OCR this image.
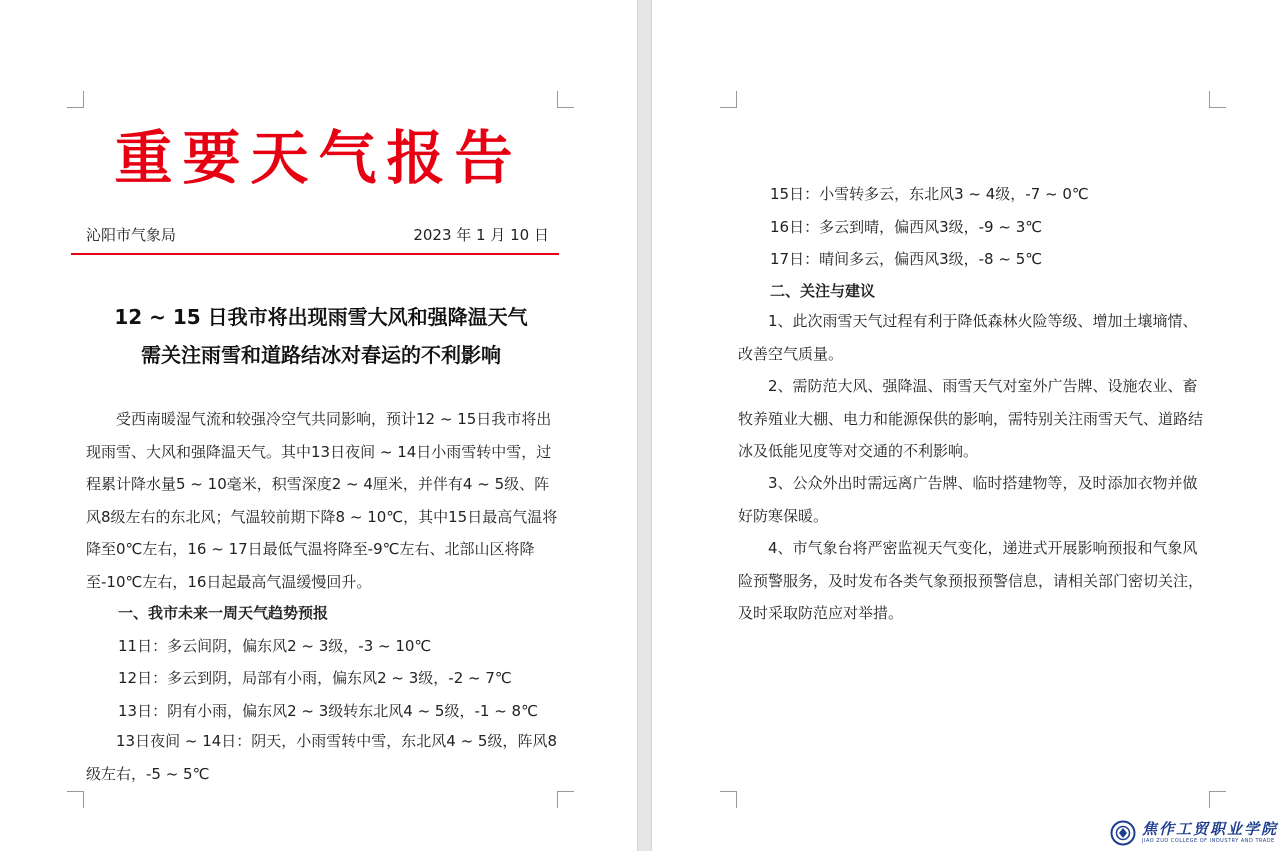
重要天气报告
沁阳市气象局	2023 年 1 月 10 日
12 ~ 15 日我市将出现雨雪大风和强降温天气
需关注雨雪和道路结冰对春运的不利影响

受西南暖湿气流和较强冷空气共同影响，预计12 ~ 15日我市将出现雨雪、大风和强降温天气。其中13日夜间 ~ 14日小雨雪转中雪，过程累计降水量5 ~ 10毫米，积雪深度2 ~ 4厘米，并伴有4 ~ 5级、阵风8级左右的东北风；气温较前期下降8 ~ 10℃，其中15日最高气温将降至0℃左右，16 ~ 17日最低气温将降至-9℃左右、北部山区将降至-10℃左右，16日起最高气温缓慢回升。

一、我市未来一周天气趋势预报
11日：多云间阴，偏东风2 ~ 3级，-3 ~ 10℃
12日：多云到阴，局部有小雨，偏东风2 ~ 3级，-2 ~ 7℃
13日：阴有小雨，偏东风2 ~ 3级转东北风4 ~ 5级，-1 ~ 8℃

13日夜间 ~ 14日：阴天，小雨雪转中雪，东北风4 ~ 5级，阵风8级左右，-5 ~ 5℃

15日：小雪转多云，东北风3 ~ 4级，-7 ~ 0℃
16日：多云到晴，偏西风3级，-9 ~ 3℃
17日：晴间多云，偏西风3级，-8 ~ 5℃
二、关注与建议

1、此次雨雪天气过程有利于降低森林火险等级、增加土壤墒情、改善空气质量。

2、需防范大风、强降温、雨雪天气对室外广告牌、设施农业、畜牧养殖业大棚、电力和能源保供的影响，需特别关注雨雪天气、道路结冰及低能见度等对交通的不利影响。

3、公众外出时需远离广告牌、临时搭建物等，及时添加衣物并做好防寒保暖。

4、市气象台将严密监视天气变化，递进式开展影响预报和气象风险预警服务，及时发布各类气象预报预警信息，请相关部门密切关注，及时采取防范应对举措。

焦作工贸职业学院
JIAO ZUO COLLEGE OF INDUSTRY AND TRADE
